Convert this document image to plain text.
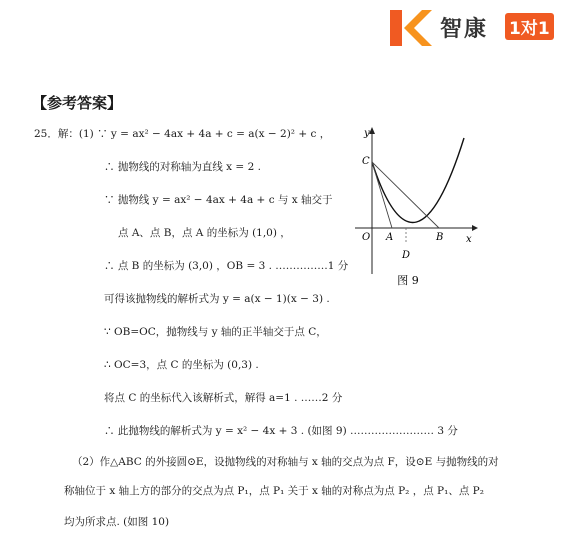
智康 1对1
【参考答案】
25．解：(1) ∵ y = ax² − 4ax + 4a + c = a(x − 2)² + c ，
∴ 抛物线的对称轴为直线 x = 2 .
∵ 抛物线 y = ax² − 4ax + 4a + c 与 x 轴交于
点 A、点 B，点 A 的坐标为 (1,0) ，
∴ 点 B 的坐标为 (3,0) ，OB = 3 . ……………1 分
可得该抛物线的解析式为 y = a(x − 1)(x − 3) .
∵ OB=OC，抛物线与 y 轴的正半轴交于点 C，
∴ OC=3，点 C 的坐标为 (0,3) .
将点 C 的坐标代入该解析式，解得 a=1 . ……2 分
∴ 此抛物线的解析式为 y = x² − 4x + 3 . (如图 9) …………………… 3 分
（2）作△ABC 的外接圆⊙E，设抛物线的对称轴与 x 轴的交点为点 F，设⊙E 与抛物线的对
称轴位于 x 轴上方的部分的交点为点 P₁，点 P₁ 关于 x 轴的对称点为点 P₂ ，点 P₁、点 P₂
均为所求点. (如图 10)
y
x
O A	B
C
D
图 9
